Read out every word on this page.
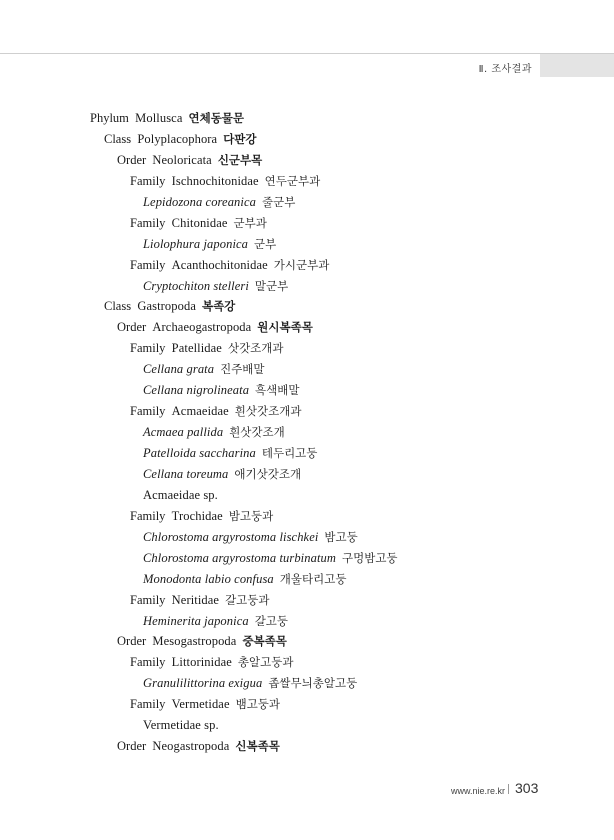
Ⅱ. 조사결과
Phylum Mollusca 연체동물문
Class Polyplacophora 다판강
Order Neoloricata 신군부목
Family Ischnochitonidae 연두군부과
Lepidozona coreanica 줄군부
Family Chitonidae 군부과
Liolophura japonica 군부
Family Acanthochitonidae 가시군부과
Cryptochiton stelleri 말군부
Class Gastropoda 복족강
Order Archaeogastropoda 원시복족목
Family Patellidae 삿갓조개과
Cellana grata 진주배말
Cellana nigrolineata 흑색배말
Family Acmaeidae 흰삿갓조개과
Acmaea pallida 흰삿갓조개
Patelloida saccharina 테두리고둥
Cellana toreuma 애기삿갓조개
Acmaeidae sp.
Family Trochidae 밤고둥과
Chlorostoma argyrostoma lischkei 밤고둥
Chlorostoma argyrostoma turbinatum 구멍밤고둥
Monodonta labio confusa 개울타리고둥
Family Neritidae 갈고둥과
Heminerita japonica 갈고둥
Order Mesogastropoda 중복족목
Family Littorinidae 총알고둥과
Granulilittorina exigua 좁쌀무늬총알고둥
Family Vermetidae 뱀고둥과
Vermetidae sp.
Order Neogastropoda 신복족목
www.nie.re.kr 303
